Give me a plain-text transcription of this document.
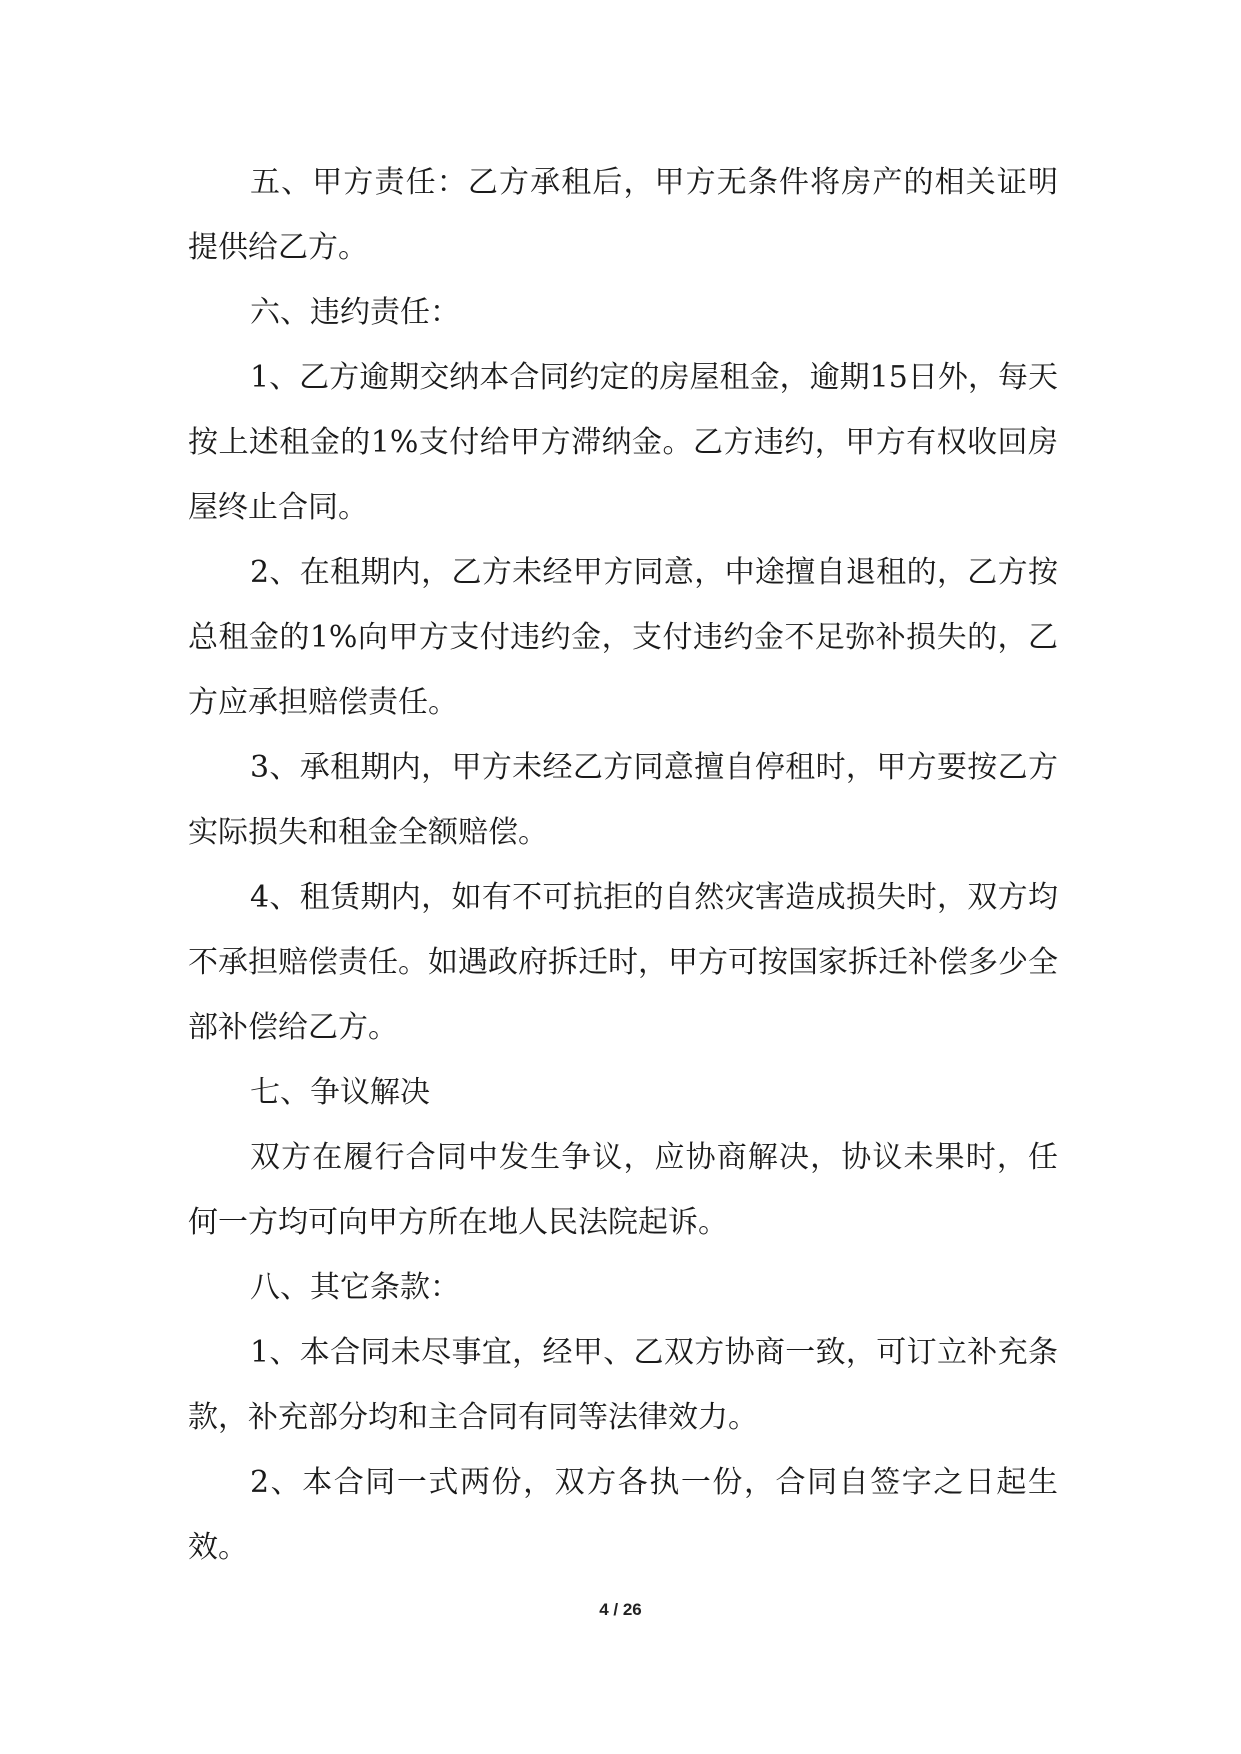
五、甲方责任：乙方承租后，甲方无条件将房产的相关证明提供给乙方。

六、违约责任：

1、乙方逾期交纳本合同约定的房屋租金，逾期15日外，每天按上述租金的1%支付给甲方滞纳金。乙方违约，甲方有权收回房屋终止合同。

2、在租期内，乙方未经甲方同意，中途擅自退租的，乙方按总租金的1%向甲方支付违约金，支付违约金不足弥补损失的，乙方应承担赔偿责任。

3、承租期内，甲方未经乙方同意擅自停租时，甲方要按乙方实际损失和租金全额赔偿。

4、租赁期内，如有不可抗拒的自然灾害造成损失时，双方均不承担赔偿责任。如遇政府拆迁时，甲方可按国家拆迁补偿多少全部补偿给乙方。

七、争议解决

双方在履行合同中发生争议，应协商解决，协议未果时，任何一方均可向甲方所在地人民法院起诉。

八、其它条款：

1、本合同未尽事宜，经甲、乙双方协商一致，可订立补充条款，补充部分均和主合同有同等法律效力。

2、本合同一式两份，双方各执一份，合同自签字之日起生效。

4 / 26
